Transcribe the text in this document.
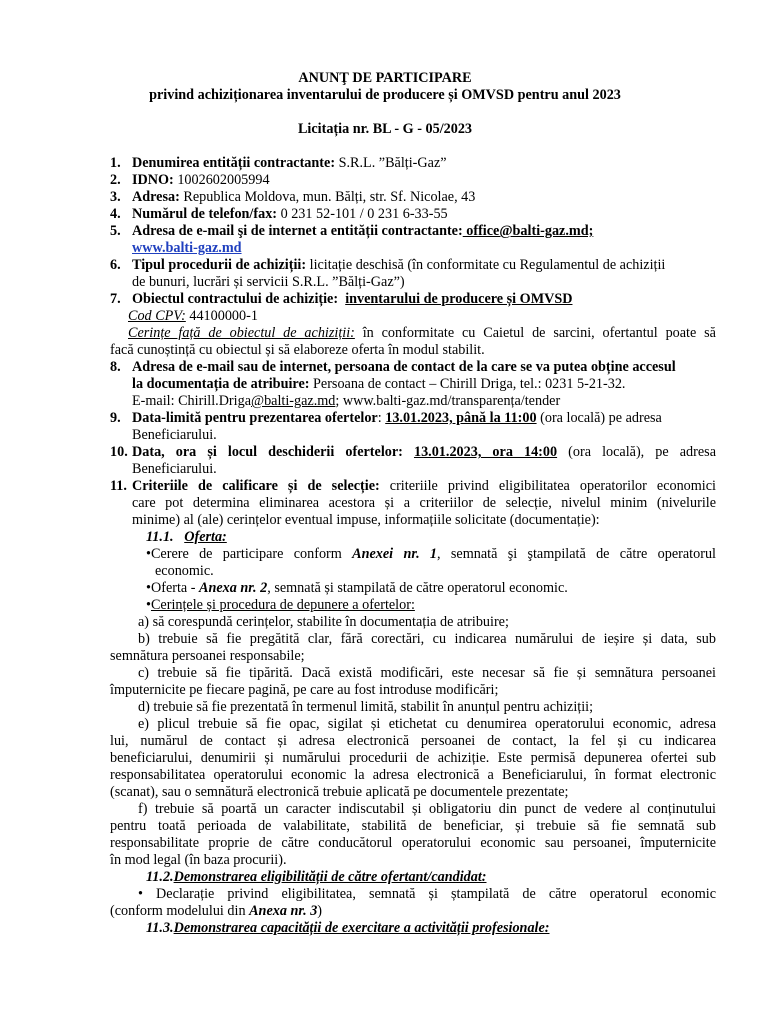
ANUNŢ DE PARTICIPARE
privind achiziționarea inventarului de producere și OMVSD pentru anul 2023
Licitația nr. BL - G - 05/2023
1. Denumirea entității contractante: S.R.L. ”Bălți-Gaz”
2. IDNO: 1002602005994
3. Adresa: Republica Moldova, mun. Bălți, str. Sf. Nicolae, 43
4. Numărul de telefon/fax: 0 231 52-101 / 0 231 6-33-55
5. Adresa de e-mail şi de internet a entității contractante: office@balti-gaz.md;
www.balti-gaz.md
6. Tipul procedurii de achiziții: licitație deschisă (în conformitate cu Regulamentul de achiziții
de bunuri, lucrări și servicii S.R.L. ”Bălți-Gaz”)
7. Obiectul contractului de achiziție: inventarului de producere și OMVSD
Cod CPV: 44100000-1
Cerințe față de obiectul de achiziții: în conformitate cu Caietul de sarcini, ofertantul poate să
facă cunoștință cu obiectul și să elaboreze oferta în modul stabilit.
8. Adresa de e-mail sau de internet, persoana de contact de la care se va putea obține accesul
la documentația de atribuire: Persoana de contact – Chirill Driga, tel.: 0231 5-21-32.
E-mail: Chirill.Driga@balti-gaz.md; www.balti-gaz.md/transparența/tender
9. Data-limită pentru prezentarea ofertelor: 13.01.2023, până la 11:00 (ora locală) pe adresa
Beneficiarului.
10. Data, ora și locul deschiderii ofertelor: 13.01.2023, ora 14:00 (ora locală), pe adresa
Beneficiarului.
11. Criteriile de calificare și de selecție: criteriile privind eligibilitatea operatorilor economici
care pot determina eliminarea acestora și a criteriilor de selecție, nivelul minim (nivelurile
minime) al (ale) cerințelor eventual impuse, informațiile solicitate (documentație):
11.1. Oferta:
•Cerere de participare conform Anexei nr. 1, semnată şi ştampilată de către operatorul
economic.
•Oferta - Anexa nr. 2, semnată și stampilată de către operatorul economic.
•Cerințele și procedura de depunere a ofertelor:
a) să corespundă cerințelor, stabilite în documentația de atribuire;
b) trebuie să fie pregătită clar, fără corectări, cu indicarea numărului de ieșire și data, sub
semnătura persoanei responsabile;
c) trebuie să fie tipărită. Dacă există modificări, este necesar să fie și semnătura persoanei
împuternicite pe fiecare pagină, pe care au fost introduse modificări;
d) trebuie să fie prezentată în termenul limită, stabilit în anunțul pentru achiziții;
e) plicul trebuie să fie opac, sigilat și etichetat cu denumirea operatorului economic, adresa
lui, numărul de contact și adresa electronică persoanei de contact, la fel și cu indicarea
beneficiarului, denumirii și numărului procedurii de achiziție. Este permisă depunerea ofertei sub
responsabilitatea operatorului economic la adresa electronică a Beneficiarului, în format electronic
(scanat), sau o semnătură electronică trebuie aplicată pe documentele prezentate;
f) trebuie să poartă un caracter indiscutabil și obligatoriu din punct de vedere al conținutului
pentru toată perioada de valabilitate, stabilită de beneficiar, și trebuie să fie semnată sub
responsabilitate proprie de către conducătorul operatorului economic sau persoanei, împuternicite
în mod legal (în baza procurii).
11.2.Demonstrarea eligibilității de către ofertant/candidat:
• Declarație privind eligibilitatea, semnată și ștampilată de către operatorul economic
(conform modelului din Anexa nr. 3)
11.3.Demonstrarea capacității de exercitare a activității profesionale:
